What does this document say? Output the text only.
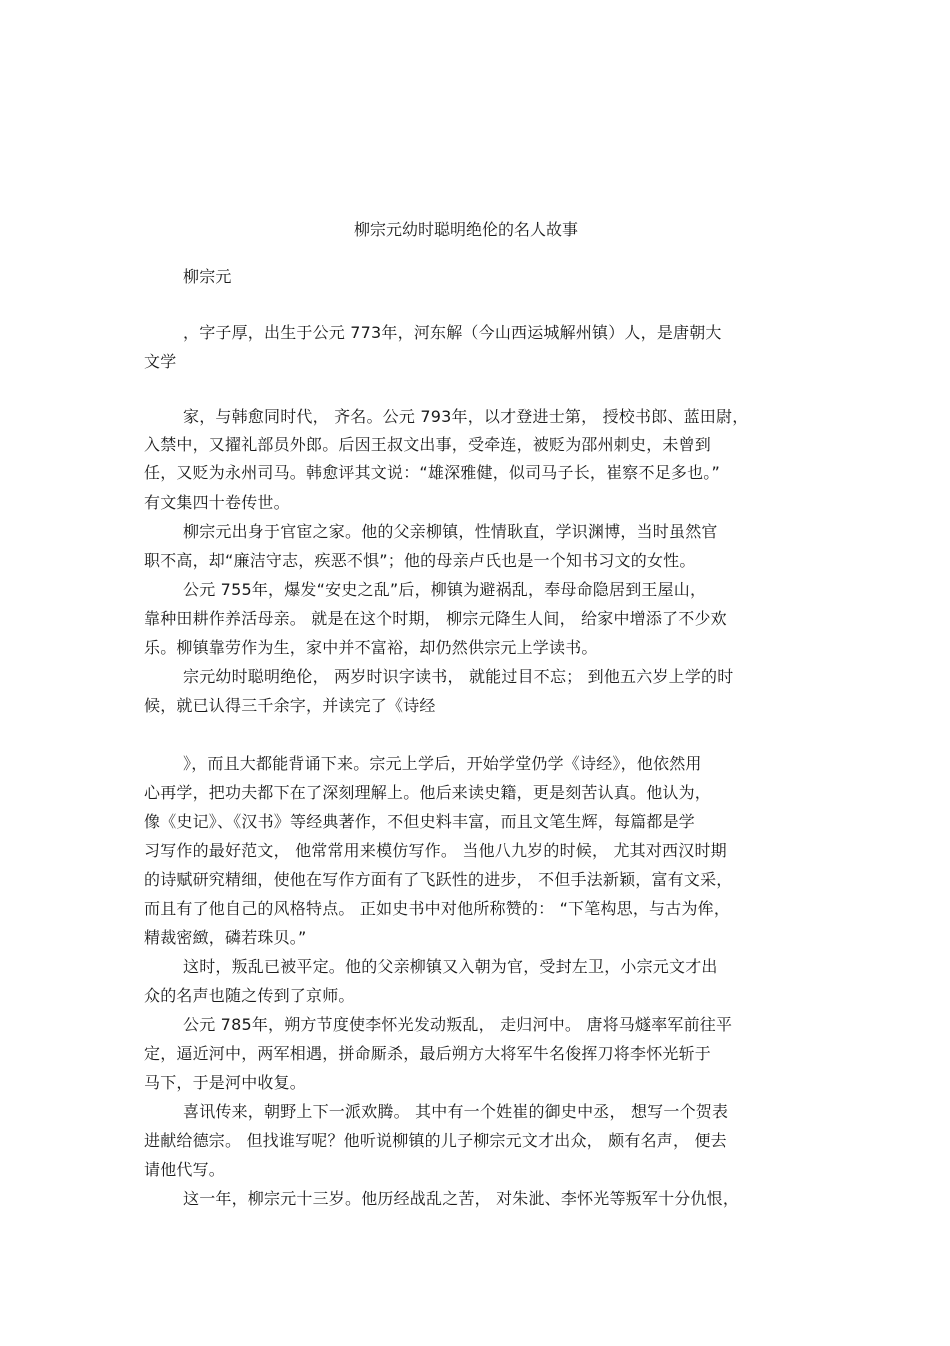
柳宗元幼时聪明绝伦的名人故事
柳宗元
，字子厚，出生于公元 773年，河东解（今山西运城解州镇）人，是唐朝大
文学
家，与韩愈同时代， 齐名。公元 793年，以才登进士第， 授校书郎、蓝田尉，
入禁中，又擢礼部员外郎。后因王叔文出事，受牵连，被贬为邵州刺史，未曾到
任，又贬为永州司马。韩愈评其文说：“雄深雅健，似司马子长，崔察不足多也。”
有文集四十卷传世。
柳宗元出身于官宦之家。他的父亲柳镇，性情耿直，学识渊博，当时虽然官
职不高，却“廉洁守志，疾恶不惧”；他的母亲卢氏也是一个知书习文的女性。
公元 755年，爆发“安史之乱”后，柳镇为避祸乱，奉母命隐居到王屋山，
靠种田耕作养活母亲。 就是在这个时期， 柳宗元降生人间， 给家中增添了不少欢
乐。柳镇靠劳作为生，家中并不富裕，却仍然供宗元上学读书。
宗元幼时聪明绝伦， 两岁时识字读书， 就能过目不忘； 到他五六岁上学的时
候，就已认得三千余字，并读完了《诗经
》，而且大都能背诵下来。宗元上学后，开始学堂仍学《诗经》，他依然用
心再学，把功夫都下在了深刻理解上。他后来读史籍，更是刻苦认真。他认为，
像《史记》、《汉书》等经典著作，不但史料丰富，而且文笔生辉，每篇都是学
习写作的最好范文， 他常常用来模仿写作。 当他八九岁的时候， 尤其对西汉时期
的诗赋研究精细，使他在写作方面有了飞跃性的进步， 不但手法新颖，富有文采，
而且有了他自己的风格特点。 正如史书中对他所称赞的： “下笔构思，与古为侔，
精裁密緻，磷若珠贝。”
这时，叛乱已被平定。他的父亲柳镇又入朝为官，受封左卫，小宗元文才出
众的名声也随之传到了京师。
公元 785年，朔方节度使李怀光发动叛乱， 走归河中。 唐将马燧率军前往平
定，逼近河中，两军相遇，拼命厮杀，最后朔方大将军牛名俊挥刀将李怀光斩于
马下，于是河中收复。
喜讯传来，朝野上下一派欢腾。 其中有一个姓崔的御史中丞， 想写一个贺表
进献给德宗。 但找谁写呢？他听说柳镇的儿子柳宗元文才出众， 颇有名声， 便去
请他代写。
这一年，柳宗元十三岁。他历经战乱之苦， 对朱泚、李怀光等叛军十分仇恨，
